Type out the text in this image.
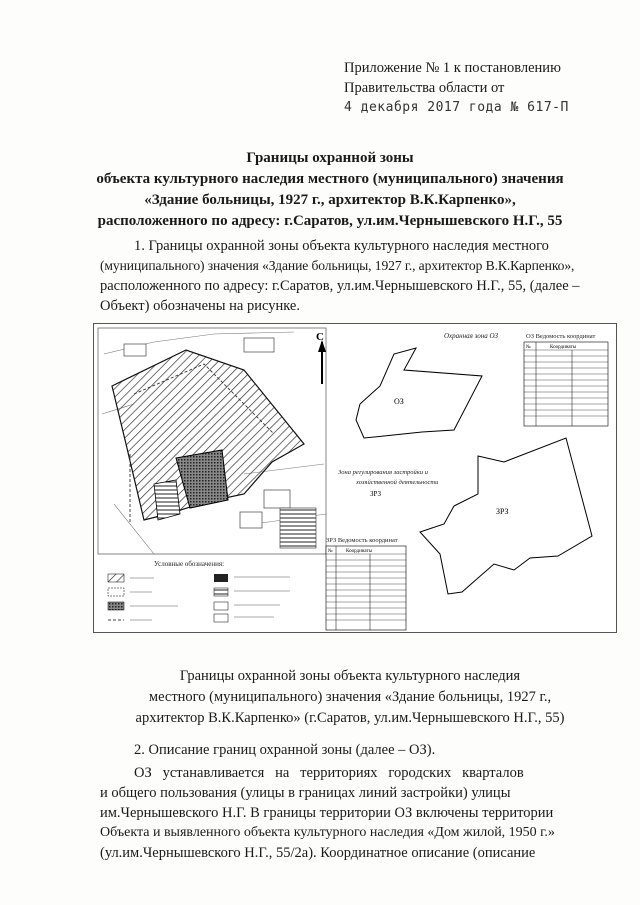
Приложение № 1 к постановлению
Правительства области от
4 декабря 2017 года № 617-П
Границы охранной зоны
объекта культурного наследия местного (муниципального) значения
«Здание больницы, 1927 г., архитектор В.К.Карпенко»,
расположенного по адресу: г.Саратов, ул.им.Чернышевского Н.Г., 55
1. Границы охранной зоны объекта культурного наследия местного
(муниципального) значения «Здание больницы, 1927 г., архитектор В.К.Карпенко»,
расположенного по адресу: г.Саратов, ул.им.Чернышевского Н.Г., 55, (далее –
Объект) обозначены на рисунке.
С
Условные обозначения:
Охранная зона ОЗ
ОЗ
ОЗ Ведомость координат
№	Координаты
Зона регулирования застройки и
хозяйственной деятельности
ЗРЗ
ЗРЗ
ЗРЗ Ведомость координат
№	Координаты
Границы охранной зоны объекта культурного наследия
местного (муниципального) значения «Здание больницы, 1927 г.,
архитектор В.К.Карпенко» (г.Саратов, ул.им.Чернышевского Н.Г., 55)
2. Описание границ охранной зоны (далее – ОЗ).
ОЗ   устанавливается   на   территориях   городских   кварталов
и общего пользования (улицы в границах линий застройки) улицы
им.Чернышевского Н.Г. В границы территории ОЗ включены территории
Объекта и выявленного объекта культурного наследия «Дом жилой, 1950 г.»
(ул.им.Чернышевского Н.Г., 55/2а). Координатное описание (описание
